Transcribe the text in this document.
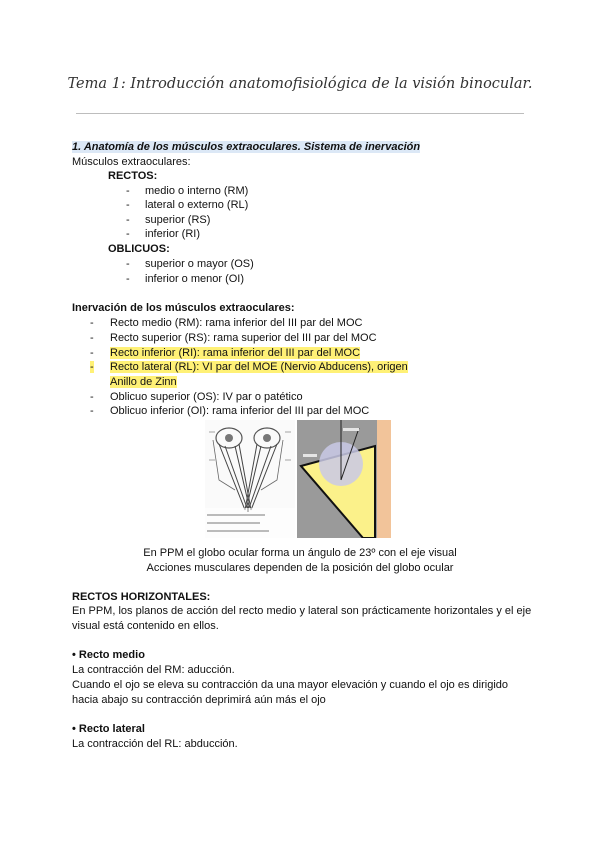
Tema 1: Introducción anatomofisiológica de la visión binocular.
1. Anatomía de los músculos extraoculares. Sistema de inervación
Músculos extraoculares:
RECTOS:
- medio o interno (RM)
- lateral o externo (RL)
- superior (RS)
- inferior (RI)
OBLICUOS:
- superior o mayor (OS)
- inferior o menor (OI)
Inervación de los músculos extraoculares:
- Recto medio (RM): rama inferior del III par del MOC
- Recto superior (RS): rama superior del III par del MOC
- Recto inferior (RI): rama inferior del III par del MOC
- Recto lateral (RL): VI par del MOE (Nervio Abducens), origen
Anillo de Zinn
- Oblicuo superior (OS): IV par o patético
- Oblicuo inferior (OI): rama inferior del III par del MOC
En PPM el globo ocular forma un ángulo de 23º con el eje visual
Acciones musculares dependen de la posición del globo ocular
RECTOS HORIZONTALES:
En PPM, los planos de acción del recto medio y lateral son prácticamente horizontales y el eje visual está contenido en ellos.
• Recto medio
La contracción del RM: aducción.
Cuando el ojo se eleva su contracción da una mayor elevación y cuando el ojo es dirigido hacia abajo su contracción deprimirá aún más el ojo
• Recto lateral
La contracción del RL: abducción.
